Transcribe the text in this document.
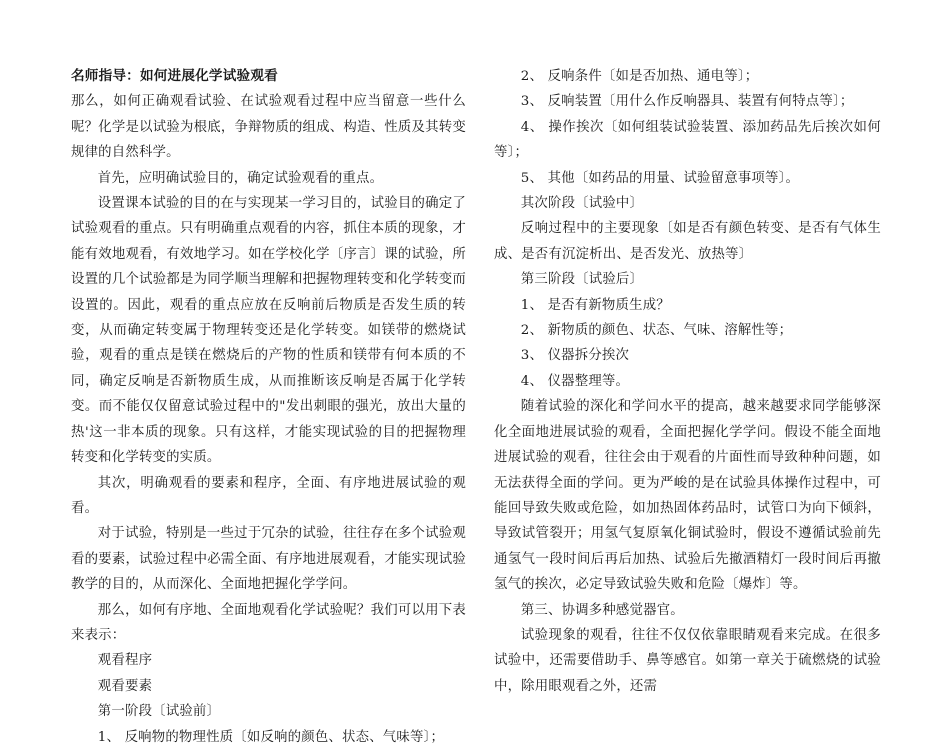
名师指导：如何进展化学试验观看

那么，如何正确观看试验、在试验观看过程中应当留意一些什么呢？化学是以试验为根底，争辩物质的组成、构造、性质及其转变规律的自然科学。

首先，应明确试验目的，确定试验观看的重点。

设置课本试验的目的在与实现某一学习目的，试验目的确定了试验观看的重点。只有明确重点观看的内容，抓住本质的现象，才能有效地观看，有效地学习。如在学校化学〔序言〕课的试验，所设置的几个试验都是为同学顺当理解和把握物理转变和化学转变而设置的。因此，观看的重点应放在反响前后物质是否发生质的转变，从而确定转变属于物理转变还是化学转变。如镁带的燃烧试验，观看的重点是镁在燃烧后的产物的性质和镁带有何本质的不同，确定反响是否新物质生成，从而推断该反响是否属于化学转变。而不能仅仅留意试验过程中的"发出刺眼的强光，放出大量的热'这一非本质的现象。只有这样，才能实现试验的目的把握物理转变和化学转变的实质。

其次，明确观看的要素和程序，全面、有序地进展试验的观看。

对于试验，特别是一些过于冗杂的试验，往往存在多个试验观看的要素，试验过程中必需全面、有序地进展观看，才能实现试验教学的目的，从而深化、全面地把握化学学问。

那么，如何有序地、全面地观看化学试验呢？我们可以用下表来表示：

观看程序

观看要素

第一阶段〔试验前〕

1、 反响物的物理性质〔如反响的颜色、状态、气味等〕；

2、 反响条件〔如是否加热、通电等〕；

3、 反响装置〔用什么作反响器具、装置有何特点等〕；

4、 操作挨次〔如何组装试验装置、添加药品先后挨次如何等〕；

5、 其他〔如药品的用量、试验留意事项等〕。

其次阶段〔试验中〕

反响过程中的主要现象〔如是否有颜色转变、是否有气体生成、是否有沉淀析出、是否发光、放热等〕

第三阶段〔试验后〕

1、 是否有新物质生成？

2、 新物质的颜色、状态、气味、溶解性等；

3、 仪器拆分挨次

4、 仪器整理等。

随着试验的深化和学问水平的提高，越来越要求同学能够深化全面地进展试验的观看，全面把握化学学问。假设不能全面地进展试验的观看，往往会由于观看的片面性而导致种种问题，如无法获得全面的学问。更为严峻的是在试验具体操作过程中，可能回导致失败或危险，如加热固体药品时，试管口为向下倾斜，导致试管裂开；用氢气复原氧化铜试验时，假设不遵循试验前先通氢气一段时间后再后加热、试验后先撤酒精灯一段时间后再撤氢气的挨次，必定导致试验失败和危险〔爆炸〕等。

第三、协调多种感觉器官。

试验现象的观看，往往不仅仅依靠眼睛观看来完成。在很多试验中，还需要借助手、鼻等感官。如第一章关于硫燃烧的试验中，除用眼观看之外，还需
